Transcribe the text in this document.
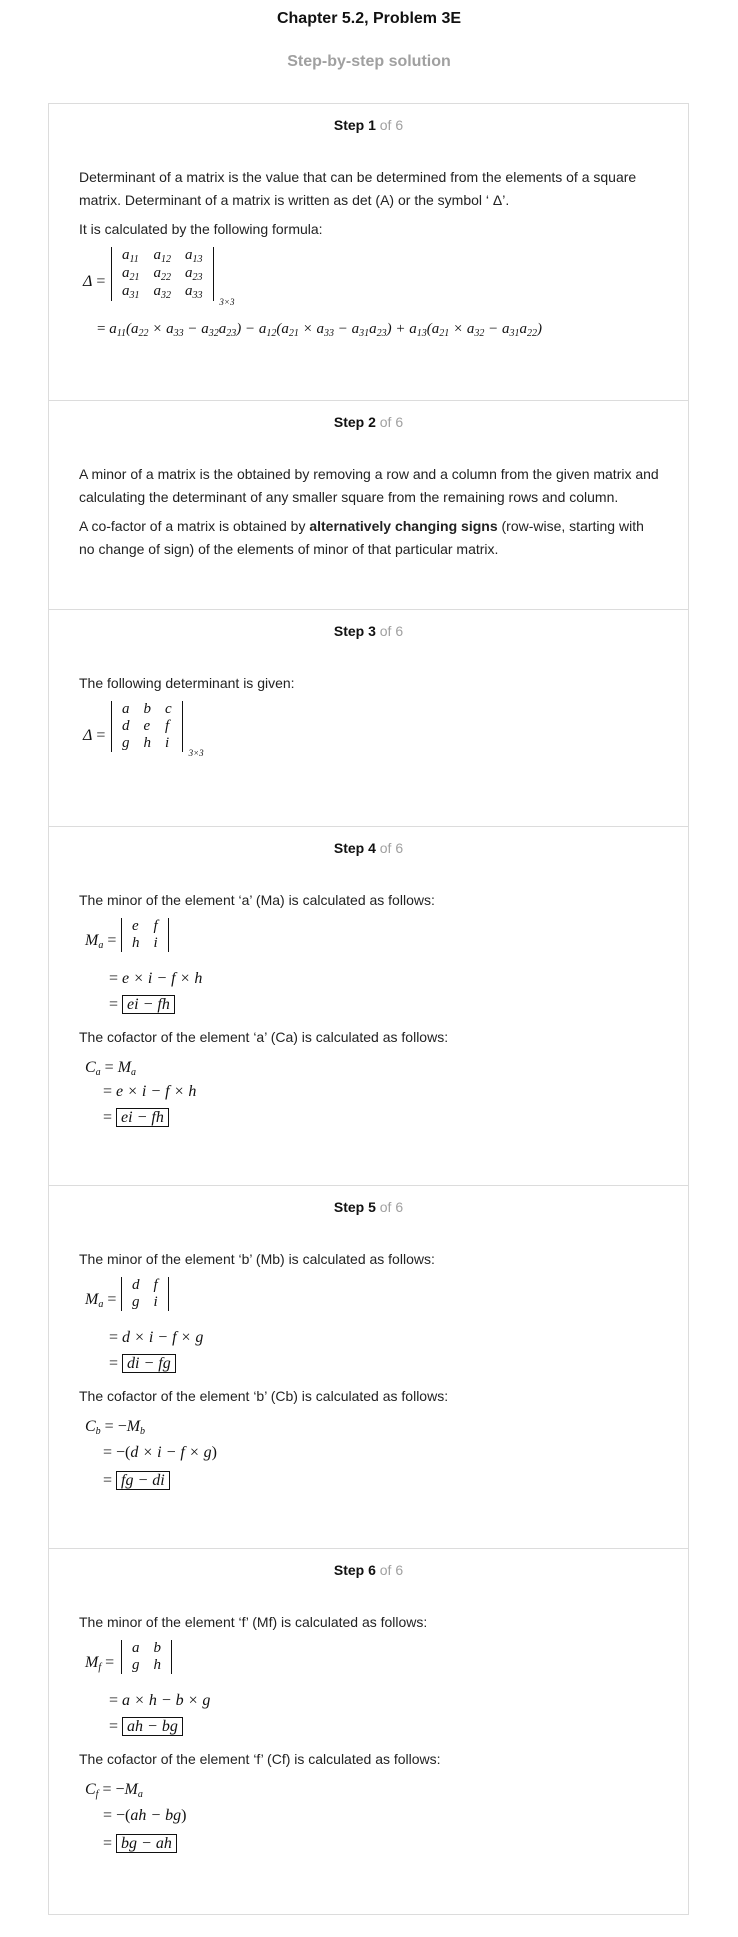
Chapter 5.2, Problem 3E
Step-by-step solution
Step 1 of 6

Determinant of a matrix is the value that can be determined from the elements of a square matrix. Determinant of a matrix is written as det (A) or the symbol ‘ Δ’.

It is calculated by the following formula:

Δ =
$a_{11}$	$a_{12}$	$a_{13}$
$a_{21}$	$a_{22}$	$a_{23}$
$a_{31}$	$a_{32}$	$a_{33}$
3×3
= $a_{11}(a_{22} \times a_{33} - a_{32}a_{23}) - a_{12}(a_{21} \times a_{33} - a_{31}a_{23}) + a_{13}(a_{21} \times a_{32} - a_{31}a_{22})$
Step 2 of 6

A minor of a matrix is the obtained by removing a row and a column from the given matrix and calculating the determinant of any smaller square from the remaining rows and column.

A co-factor of a matrix is obtained by alternatively changing signs (row-wise, starting with no change of sign) of the elements of minor of that particular matrix.

Step 3 of 6

The following determinant is given:

Δ =
a	b	c
d	e	f
g	h	i
3×3
Step 4 of 6

The minor of the element ‘a’ (Ma) is calculated as follows:

$M_a$ =
e	f
h	i
= e × i − f × h
= ei − fh

The cofactor of the element ‘a’ (Ca) is calculated as follows:

$C_a = M_a$
= e × i − f × h
= ei − fh
Step 5 of 6

The minor of the element ‘b’ (Mb) is calculated as follows:

$M_a$ =
d	f
g	i
= d × i − f × g
= di − fg

The cofactor of the element ‘b’ (Cb) is calculated as follows:

$C_b = -M_b$
= −(d × i − f × g)
= fg − di
Step 6 of 6

The minor of the element ‘f’ (Mf) is calculated as follows:

$M_f$ =
a	b
g	h
= a × h − b × g
= ah − bg

The cofactor of the element ‘f’ (Cf) is calculated as follows:

$C_f = -M_a$
= −(ah − bg)
= bg − ah
